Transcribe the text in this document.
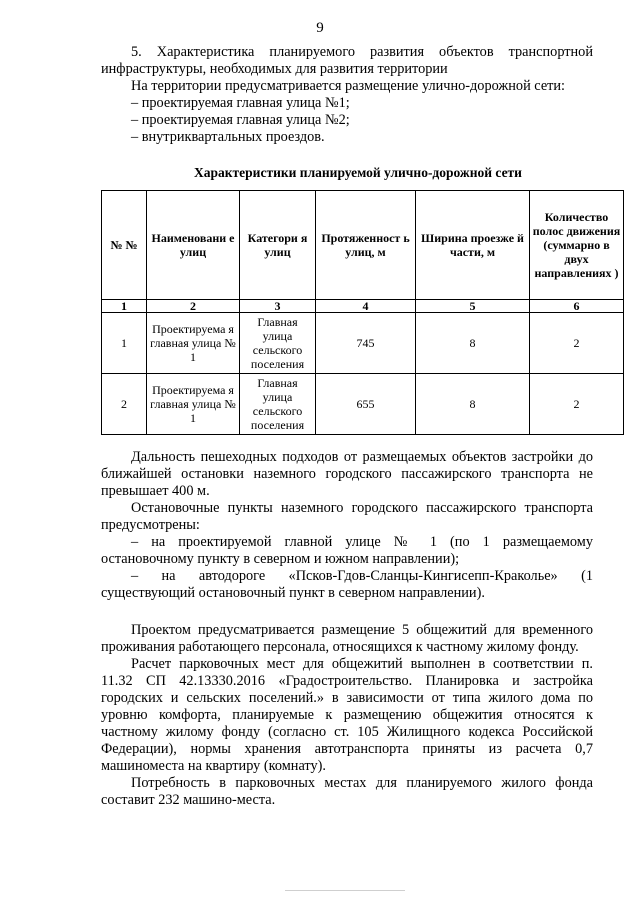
9

5. Характеристика планируемого развития объектов транспортной

инфраструктуры, необходимых для развития территории

На территории предусматривается размещение улично-дорожной сети:

– проектируемая главная улица №1;

– проектируемая главная улица №2;

– внутриквартальных проездов.

Характеристики планируемой улично-дорожной сети

№ №	Наименовани е улиц	Категори я улиц	Протяженност ь улиц, м	Ширина проезже й части, м	Количество полос движения (суммарно в двух направлениях )
1	2	3	4	5	6
1	Проектируема я главная улица № 1	Главная улица сельского поселения	745	8	2
2	Проектируема я главная улица № 1	Главная улица сельского поселения	655	8	2

Дальность пешеходных подходов от размещаемых объектов застройки до ближайшей остановки наземного городского пассажирского транспорта не превышает 400 м.

Остановочные пункты наземного городского пассажирского транспорта предусмотрены:

– на проектируемой главной улице № 1 (по 1 размещаемому остановочному пункту в северном и южном направлении);

– на автодороге «Псков-Гдов-Сланцы-Кингисепп-Краколье» (1 существующий остановочный пункт в северном направлении).

Проектом предусматривается размещение 5 общежитий для временного проживания работающего персонала, относящихся к частному жилому фонду.

Расчет парковочных мест для общежитий выполнен в соответствии п. 11.32 СП 42.13330.2016 «Градостроительство. Планировка и застройка городских и сельских поселений.» в зависимости от типа жилого дома по уровню комфорта, планируемые к размещению общежития относятся к частному жилому фонду (согласно ст. 105 Жилищного кодекса Российской Федерации), нормы хранения автотранспорта приняты из расчета 0,7 машиноместа на квартиру (комнату).

Потребность в парковочных местах для планируемого жилого фонда составит 232 машино-места.
